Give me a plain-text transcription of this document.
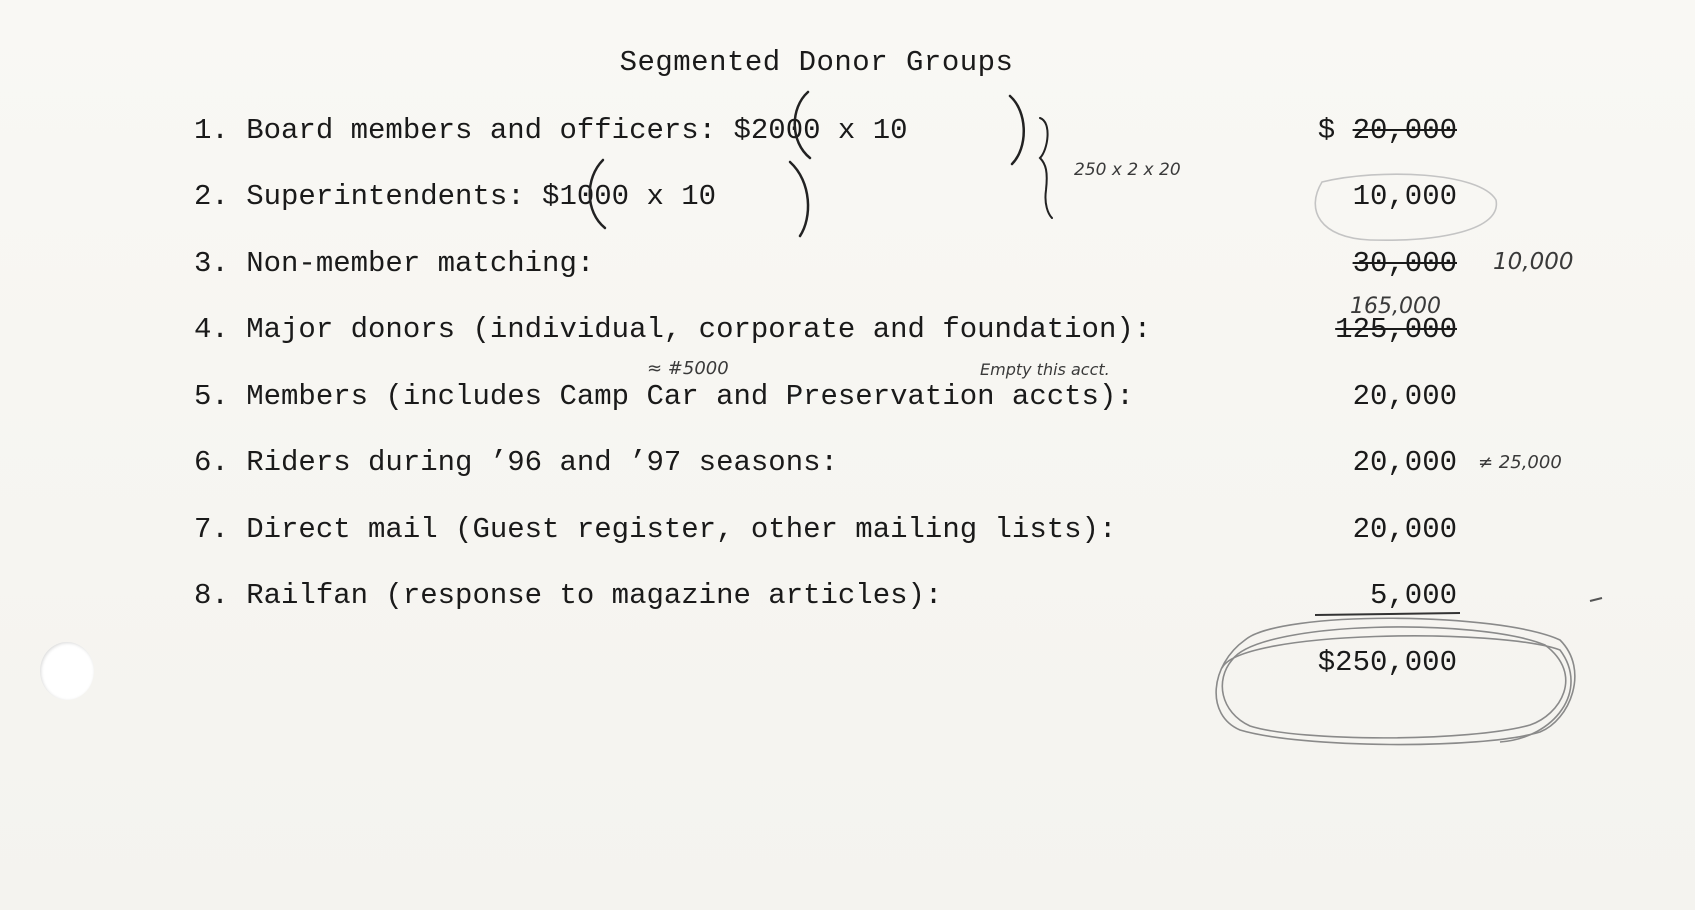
Segmented Donor Groups
1. Board members and officers: $2000 x 10	$ 20,000
2. Superintendents: $1000 x 10	10,000
3. Non-member matching:	30,000
4. Major donors (individual, corporate and foundation):	125,000
5. Members (includes Camp Car and Preservation accts):	20,000
6. Riders during ’96 and ’97 seasons:	20,000
7. Direct mail (Guest register, other mailing lists):	20,000
8. Railfan (response to magazine articles):	5,000
$250,000
250 x 2 x 20
10,000
165,000
≈ #5000	Empty this acct.
≠ 25,000
